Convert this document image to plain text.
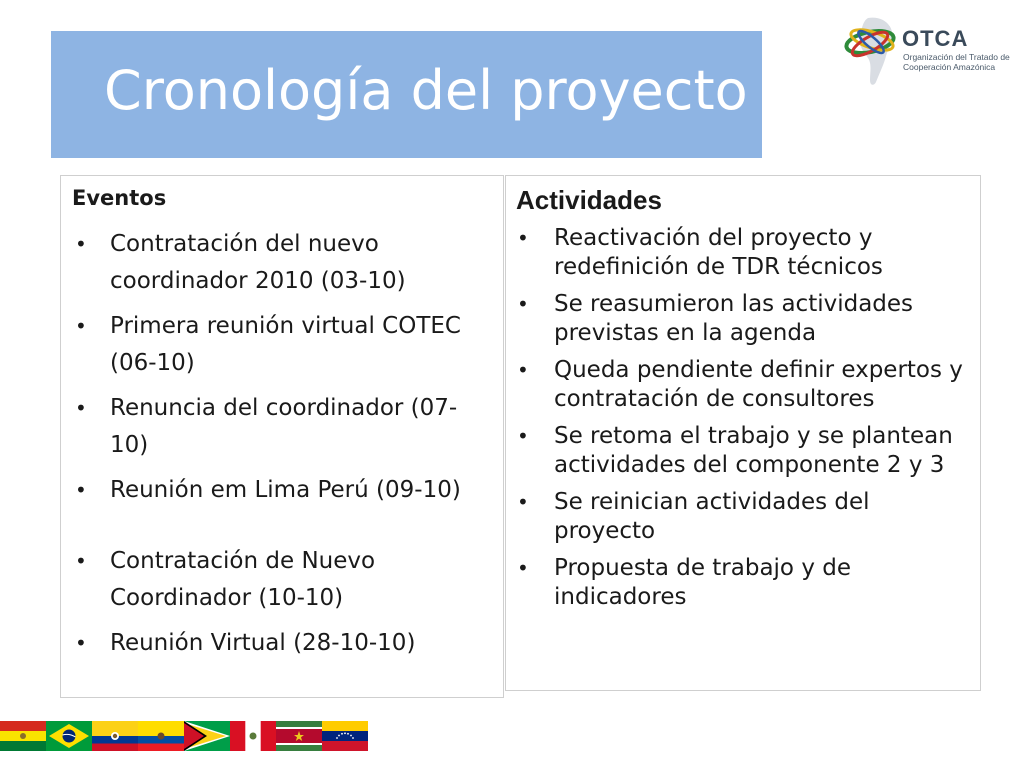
Cronología del proyecto
OTCA
Organización del Tratado de Cooperación Amazónica
Eventos
• Contratación del nuevo coordinador 2010 (03-10)
• Primera reunión virtual COTEC (06-10)
• Renuncia del coordinador (07-10)
• Reunión em Lima Perú (09-10)
• Contratación de Nuevo Coordinador (10-10)
• Reunión Virtual (28-10-10)
Actividades
• Reactivación del proyecto y redefinición de TDR técnicos
• Se reasumieron las actividades previstas en la agenda
• Queda pendiente definir expertos y contratación de consultores
• Se retoma el trabajo y se plantean actividades del componente 2 y 3
• Se reinician actividades del proyecto
• Propuesta de trabajo y de indicadores
